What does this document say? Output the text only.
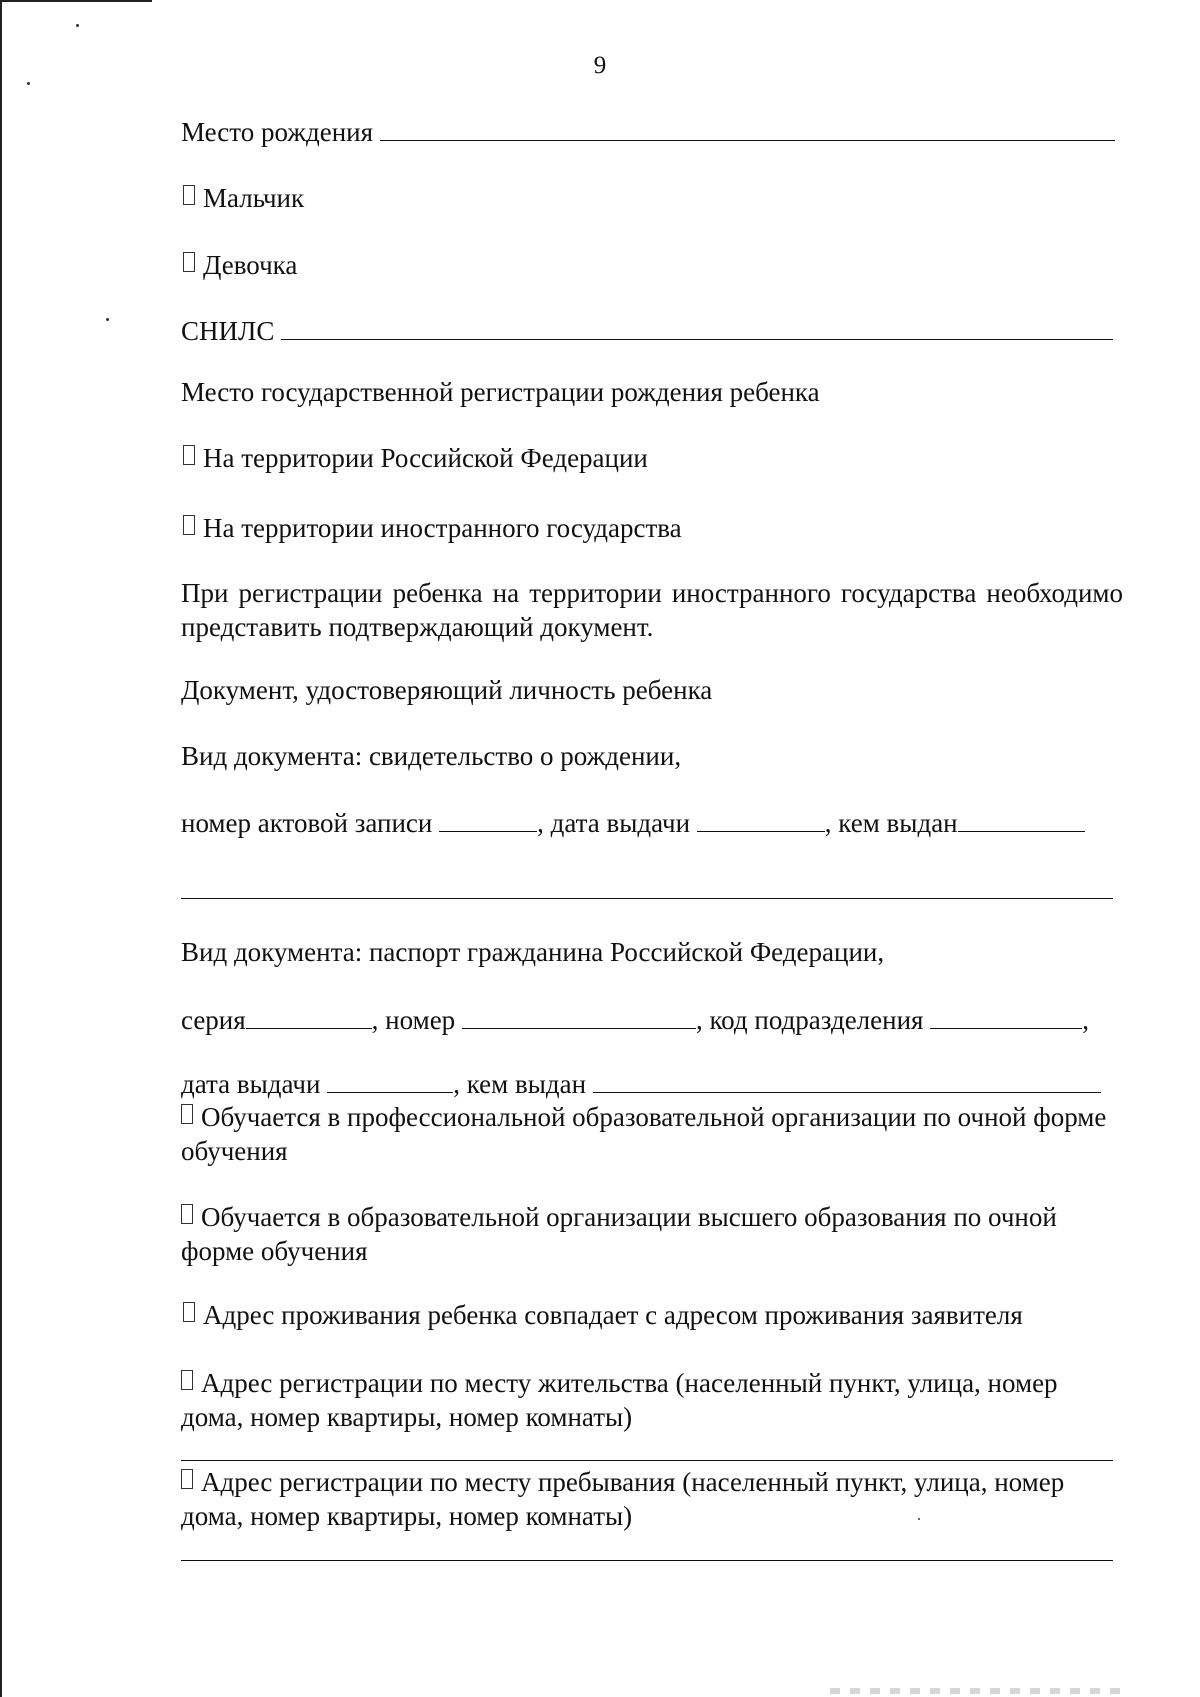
9
Место рождения
Мальчик
Девочка
СНИЛС
Место государственной регистрации рождения ребенка
На территории Российской Федерации
На территории иностранного государства
При регистрации ребенка на территории иностранного государства необходимо представить подтверждающий документ.
Документ, удостоверяющий личность ребенка
Вид документа: свидетельство о рождении,
номер актовой записи	, дата выдачи	, кем выдан
Вид документа: паспорт гражданина Российской Федерации,
серия	, номер	, код подразделения	,
дата выдачи	, кем выдан
Обучается в профессиональной образовательной организации по очной форме обучения
Обучается в образовательной организации высшего образования по очной форме обучения
Адрес проживания ребенка совпадает с адресом проживания заявителя
Адрес регистрации по месту жительства (населенный пункт, улица, номер дома, номер квартиры, номер комнаты)
Адрес регистрации по месту пребывания (населенный пункт, улица, номер дома, номер квартиры, номер комнаты)
